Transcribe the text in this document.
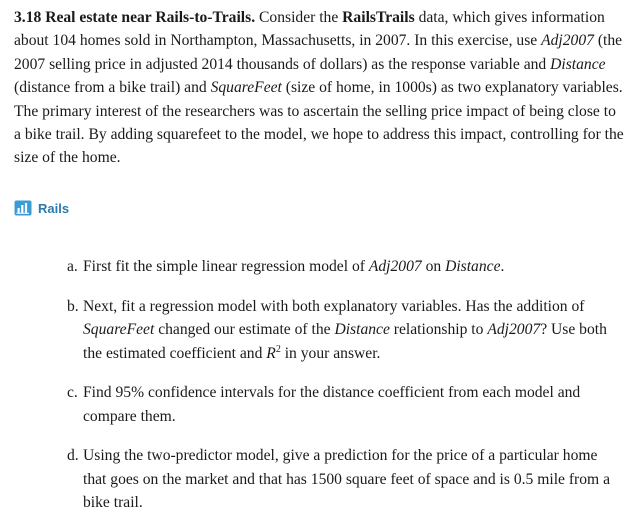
3.18 Real estate near Rails-to-Trails. Consider the RailsTrails data, which gives information about 104 homes sold in Northampton, Massachusetts, in 2007. In this exercise, use Adj2007 (the 2007 selling price in adjusted 2014 thousands of dollars) as the response variable and Distance (distance from a bike trail) and SquareFeet (size of home, in 1000s) as two explanatory variables. The primary interest of the researchers was to ascertain the selling price impact of being close to a bike trail. By adding squarefeet to the model, we hope to address this impact, controlling for the size of the home.

Rails
a. First fit the simple linear regression model of Adj2007 on Distance.
b. Next, fit a regression model with both explanatory variables. Has the addition of SquareFeet changed our estimate of the Distance relationship to Adj2007? Use both the estimated coefficient and $R^2$ in your answer.
c. Find 95% confidence intervals for the distance coefficient from each model and compare them.
d. Using the two-predictor model, give a prediction for the price of a particular home that goes on the market and that has 1500 square feet of space and is 0.5 mile from a bike trail.
